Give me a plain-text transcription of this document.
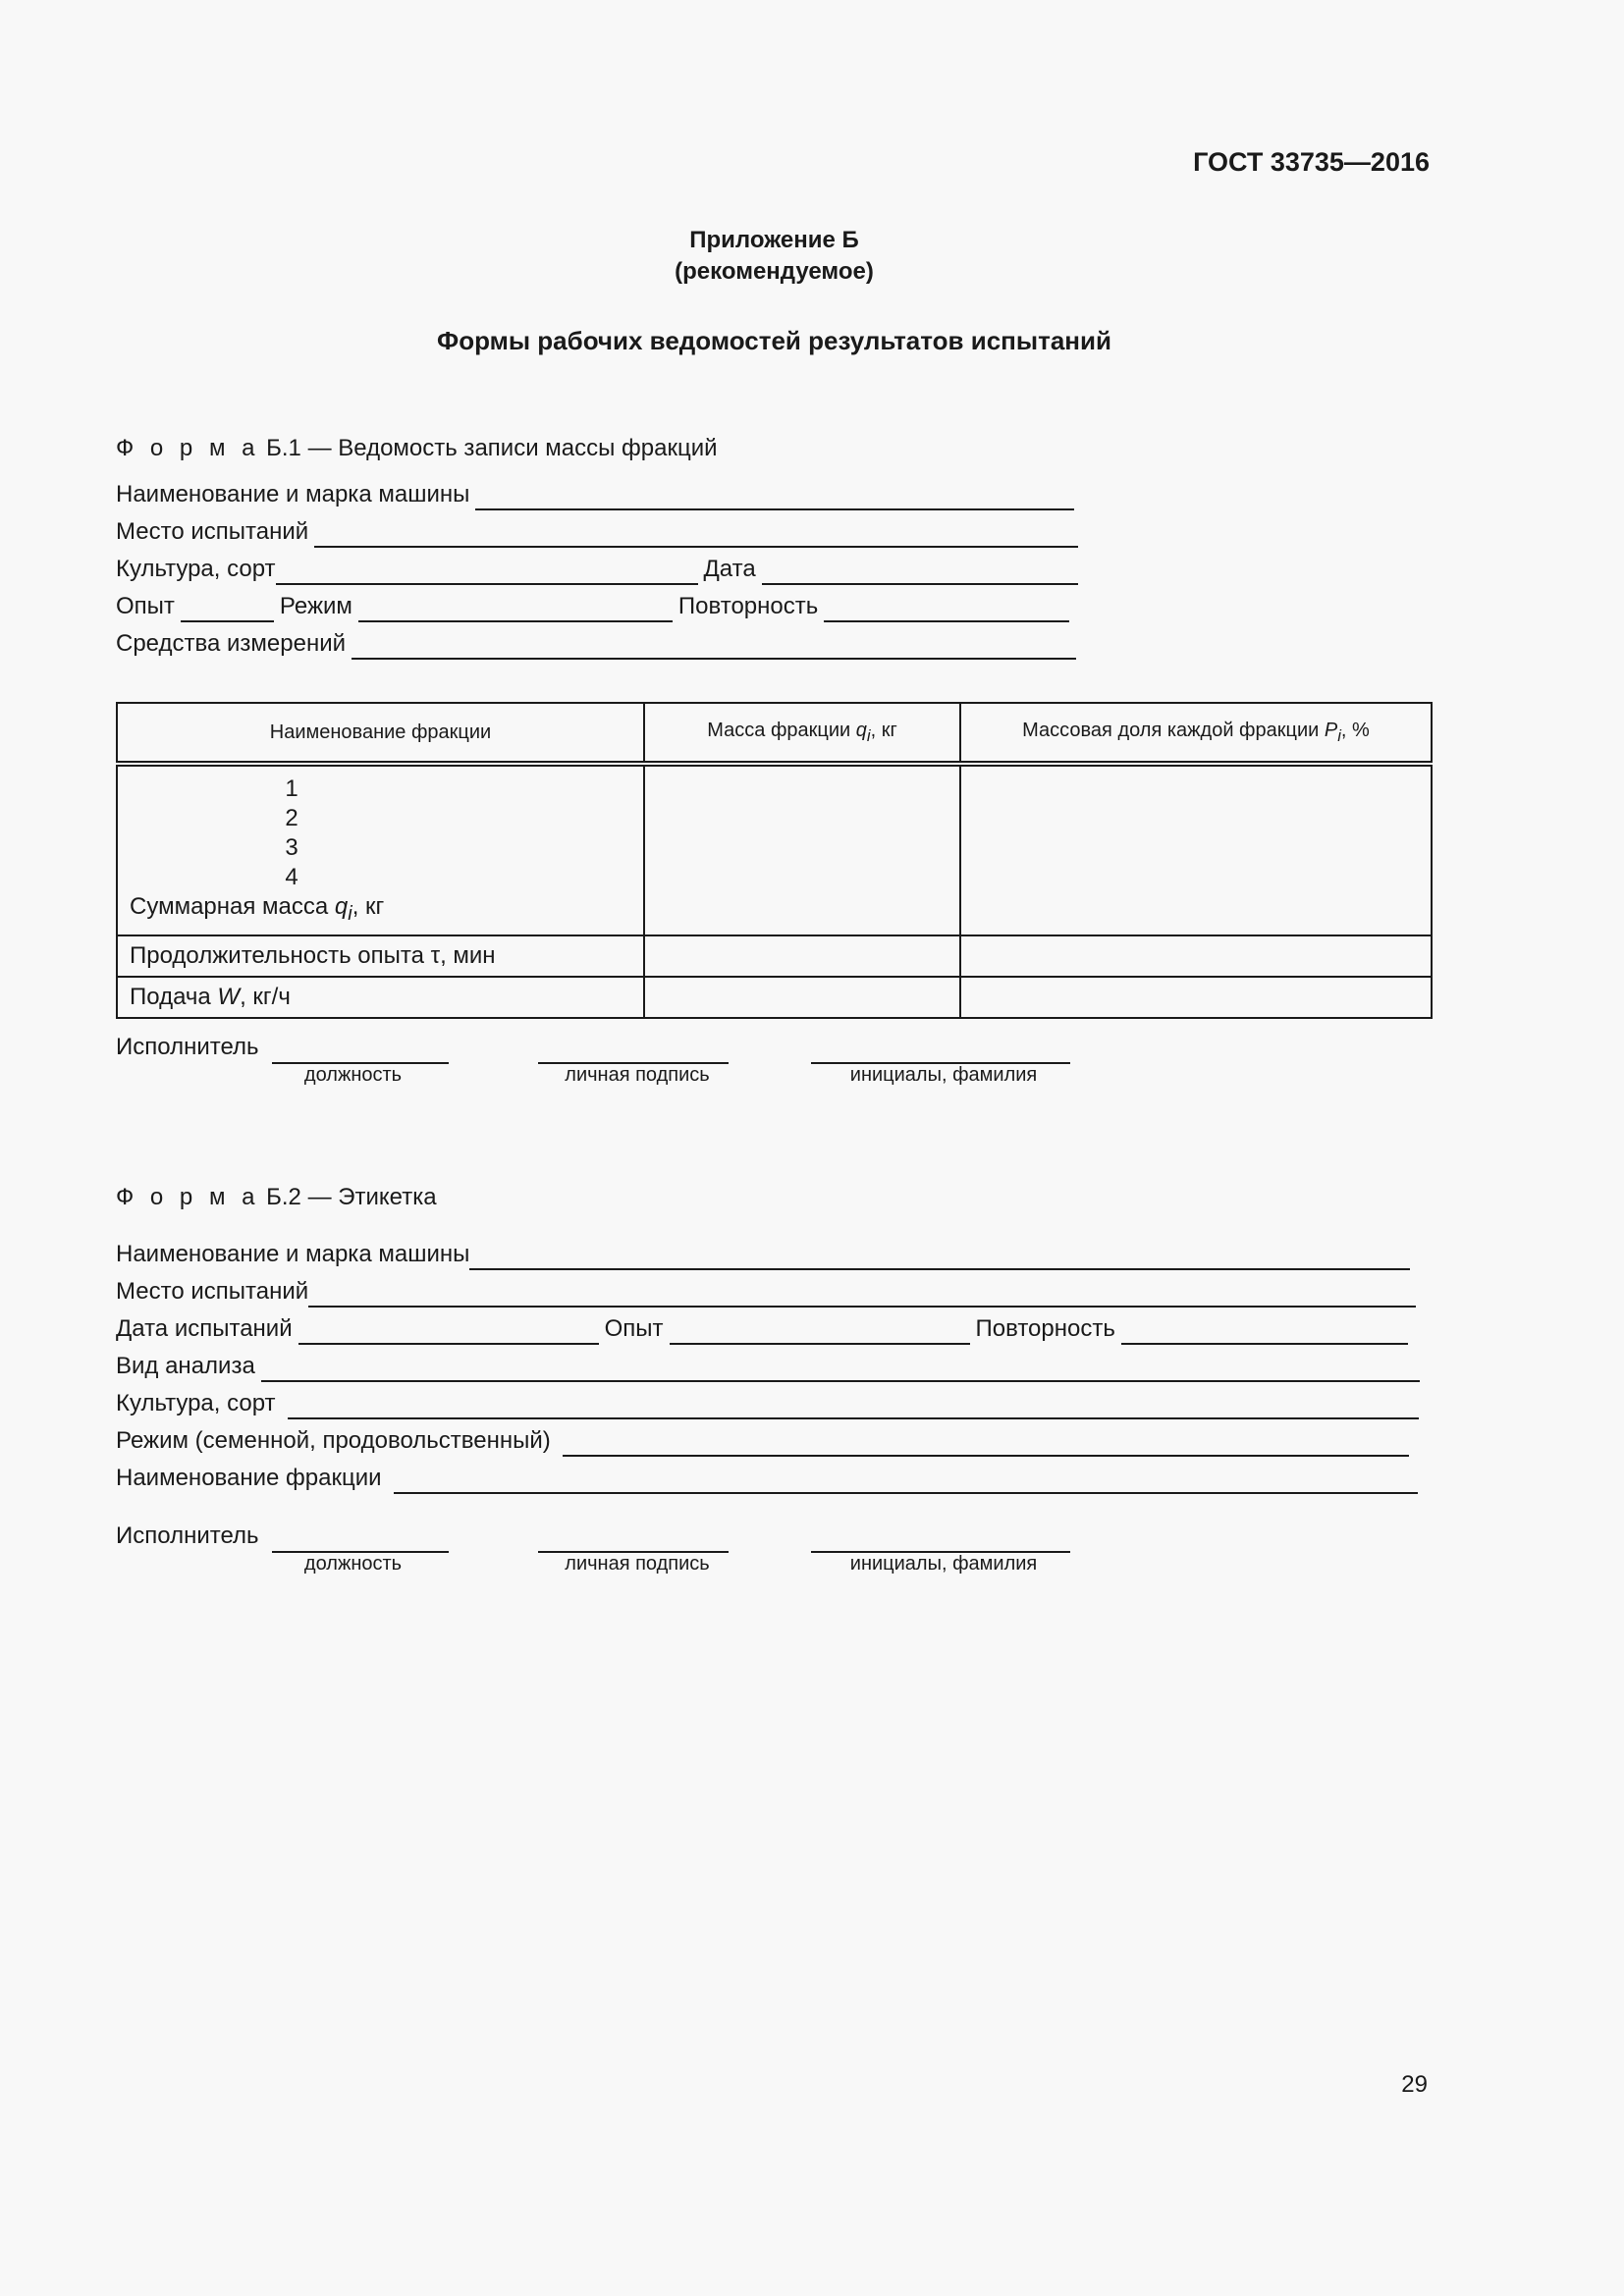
ГОСТ 33735—2016
Приложение Б
(рекомендуемое)
Формы рабочих ведомостей результатов испытаний
Ф о р м а Б.1 — Ведомость записи массы фракций
Наименование и марка машины
Место испытаний
Культура, сорт	Дата
Опыт	Режим	Повторность
Средства измерений
Наименование фракции	Масса фракции $q_i$, кг	Массовая доля каждой фракции $P_i$, %

1
2
3
4
Суммарная масса $q_i$, кг		

Продолжительность опыта τ, мин		
Подача W, кг/ч		
Исполнитель
должность	личная подпись	инициалы, фамилия
Ф о р м а Б.2 — Этикетка
Наименование и марка машины
Место испытаний
Дата испытаний	Опыт	Повторность
Вид анализа
Культура, сорт
Режим (семенной, продовольственный)
Наименование фракции
Исполнитель
должность	личная подпись	инициалы, фамилия
29
